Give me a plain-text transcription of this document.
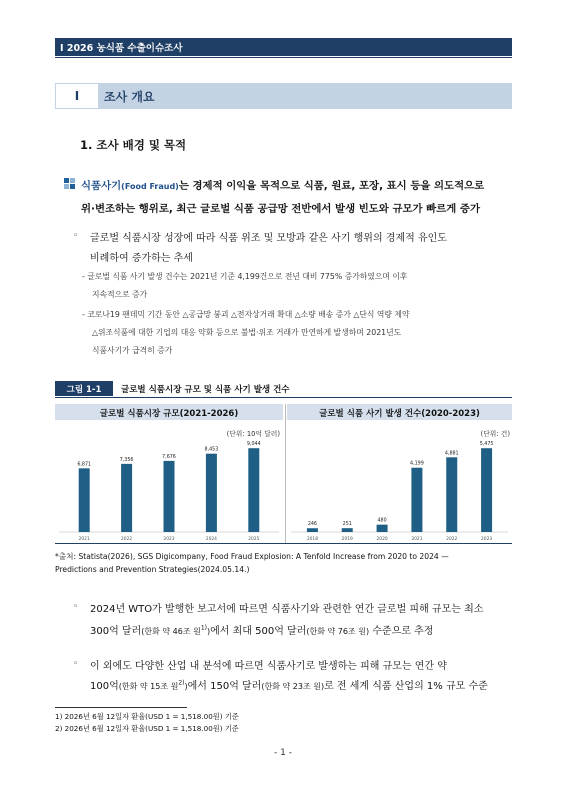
Ⅰ 2026 농식품 수출이슈조사
Ⅰ	조사 개요
1. 조사 배경 및 목적
식품사기(Food Fraud)는 경제적 이익을 목적으로 식품, 원료, 포장, 표시 등을 의도적으로
위·변조하는 행위로, 최근 글로벌 식품 공급망 전반에서 발생 빈도와 규모가 빠르게 증가
◦ 글로벌 식품시장 성장에 따라 식품 위조 및 모방과 같은 사기 행위의 경제적 유인도
비례하여 증가하는 추세
- 글로벌 식품 사기 발생 건수는 2021년 기준 4,199건으로 전년 대비 775% 증가하였으며 이후
지속적으로 증가
- 코로나19 팬데믹 기간 동안 △공급망 붕괴 △전자상거래 확대 △소량 배송 증가 △단식 역량 제약
△위조식품에 대한 기업의 대응 약화 등으로 불법·위조 거래가 만연하게 발생하며 2021년도
식품사기가 급격히 증가
그림 1-1	글로벌 식품시장 규모 및 식품 사기 발생 건수
글로벌 식품시장 규모(2021-2026)	글로벌 식품 사기 발생 건수(2020-2023)
(단위: 10억 달러)	(단위: 건)
6,871
2021
7,356
2022
7,676
2023
8,453
2024
9,044
2025
246
2018
251
2019
480
2020
4,199
2021
4,881
2022
5,475
2023
*출처: Statista(2026), SGS Digicompany, Food Fraud Explosion: A Tenfold Increase from 2020 to 2024 —
Predictions and Prevention Strategies(2024.05.14.)
◦ 2024년 WTO가 발행한 보고서에 따르면 식품사기와 관련한 연간 글로벌 피해 규모는 최소
300억 달러(한화 약 46조 원$^{1)}$)에서 최대 500억 달러(한화 약 76조 원) 수준으로 추정
◦ 이 외에도 다양한 산업 내 분석에 따르면 식품사기로 발생하는 피해 규모는 연간 약
100억(한화 약 15조 원$^{2)}$)에서 150억 달러(한화 약 23조 원)로 전 세계 식품 산업의 1% 규모 수준
1) 2026년 6월 12일자 환율(USD 1 = 1,518.00원) 기준
2) 2026년 6월 12일자 환율(USD 1 = 1,518.00원) 기준
- 1 -
